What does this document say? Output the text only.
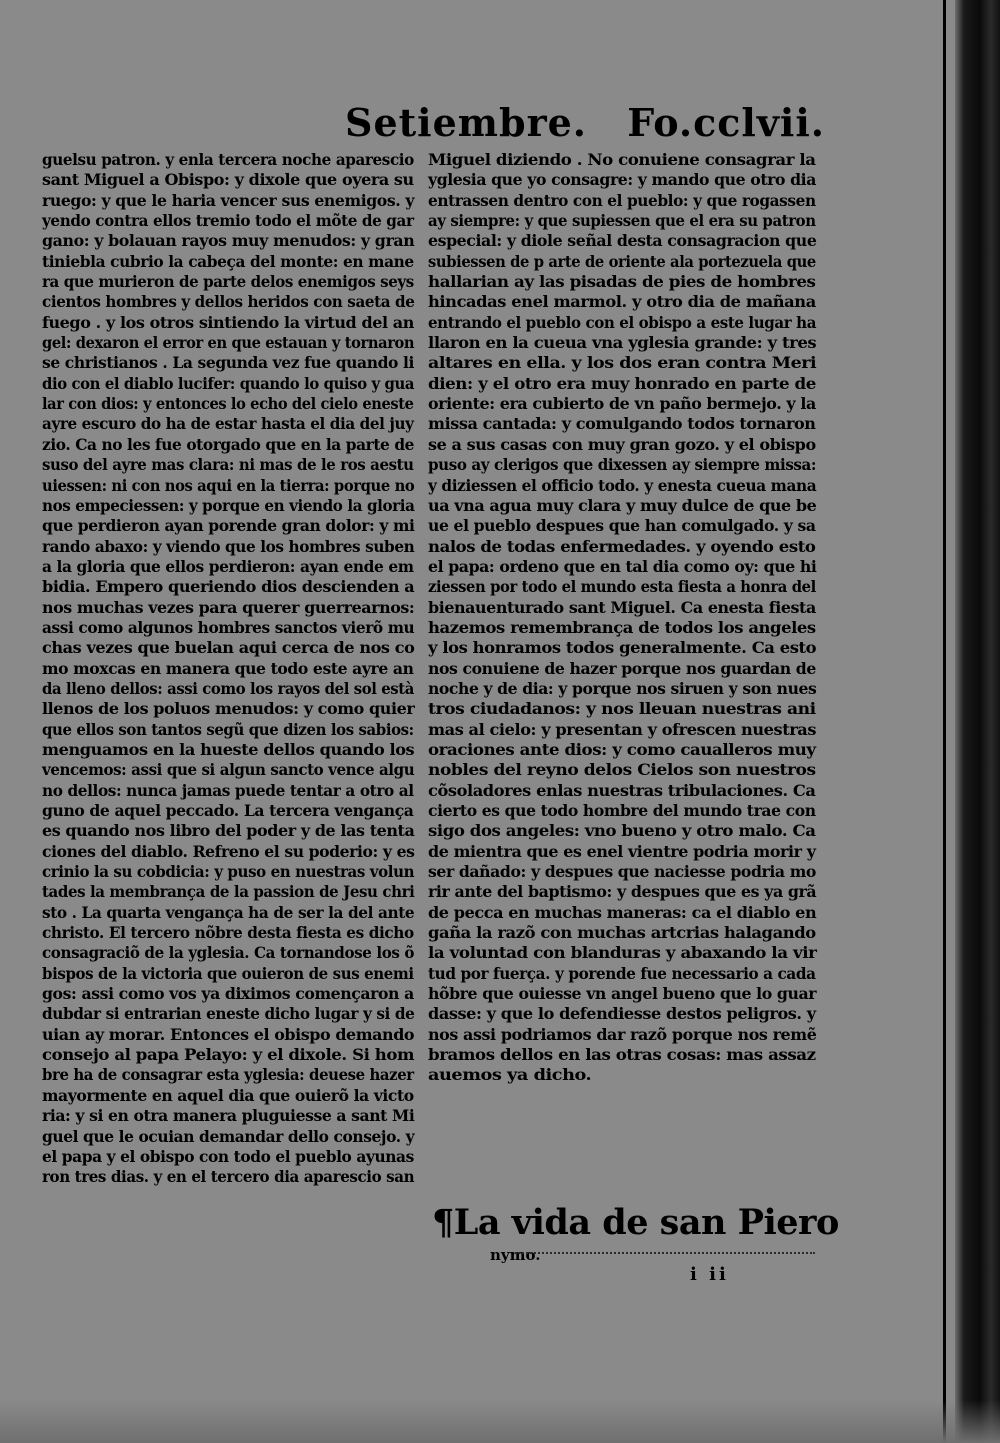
Setiembre. Fo.cclvii.
guelsu patron. y enla tercera noche aparescio
sant Miguel a Obispo: y dixole que oyera su
ruego: y que le haria vencer sus enemigos. y
yendo contra ellos tremio todo el mõte de gar
gano: y bolauan rayos muy menudos: y gran
tiniebla cubrio la cabeça del monte: en mane
ra que murieron de parte delos enemigos seys
cientos hombres y dellos heridos con saeta de
fuego . y los otros sintiendo la virtud del an
gel: dexaron el error en que estauan y tornaron
se christianos . La segunda vez fue quando li
dio con el diablo lucifer: quando lo quiso y gua
lar con dios: y entonces lo echo del cielo eneste
ayre escuro do ha de estar hasta el dia del juy
zio. Ca no les fue otorgado que en la parte de
suso del ayre mas clara: ni mas de le ros aestu
uiessen: ni con nos aqui en la tierra: porque no
nos empeciessen: y porque en viendo la gloria
que perdieron ayan porende gran dolor: y mi
rando abaxo: y viendo que los hombres suben
a la gloria que ellos perdieron: ayan ende em
bidia. Empero queriendo dios descienden a
nos muchas vezes para querer guerrearnos:
assi como algunos hombres sanctos vierõ mu
chas vezes que buelan aqui cerca de nos co
mo moxcas en manera que todo este ayre an
da lleno dellos: assi como los rayos del sol està
llenos de los poluos menudos: y como quier
que ellos son tantos segũ que dizen los sabios:
menguamos en la hueste dellos quando los
vencemos: assi que si algun sancto vence algu
no dellos: nunca jamas puede tentar a otro al
guno de aquel peccado. La tercera vengança
es quando nos libro del poder y de las tenta
ciones del diablo. Refreno el su poderio: y es
crinio la su cobdicia: y puso en nuestras volun
tades la membrança de la passion de Jesu chri
sto . La quarta vengança ha de ser la del ante
christo. El tercero nõbre desta fiesta es dicho
consagraciõ de la yglesia. Ca tornandose los õ
bispos de la victoria que ouieron de sus enemi
gos: assi como vos ya diximos començaron a
dubdar si entrarian eneste dicho lugar y si de
uian ay morar. Entonces el obispo demando
consejo al papa Pelayo: y el dixole. Si hom
bre ha de consagrar esta yglesia: deuese hazer
mayormente en aquel dia que ouierõ la victo
ria: y si en otra manera pluguiesse a sant Mi
guel que le ocuian demandar dello consejo. y
el papa y el obispo con todo el pueblo ayunas
ron tres dias. y en el tercero dia aparescio san
Miguel diziendo . No conuiene consagrar la
yglesia que yo consagre: y mando que otro dia
entrassen dentro con el pueblo: y que rogassen
ay siempre: y que supiessen que el era su patron
especial: y diole señal desta consagracion que
subiessen de p arte de oriente ala portezuela que
hallarian ay las pisadas de pies de hombres
hincadas enel marmol. y otro dia de mañana
entrando el pueblo con el obispo a este lugar ha
llaron en la cueua vna yglesia grande: y tres
altares en ella. y los dos eran contra Meri
dien: y el otro era muy honrado en parte de
oriente: era cubierto de vn paño bermejo. y la
missa cantada: y comulgando todos tornaron
se a sus casas con muy gran gozo. y el obispo
puso ay clerigos que dixessen ay siempre missa:
y diziessen el officio todo. y enesta cueua mana
ua vna agua muy clara y muy dulce de que be
ue el pueblo despues que han comulgado. y sa
nalos de todas enfermedades. y oyendo esto
el papa: ordeno que en tal dia como oy: que hi
ziessen por todo el mundo esta fiesta a honra del
bienauenturado sant Miguel. Ca enesta fiesta
hazemos remembrança de todos los angeles
y los honramos todos generalmente. Ca esto
nos conuiene de hazer porque nos guardan de
noche y de dia: y porque nos siruen y son nues
tros ciudadanos: y nos lleuan nuestras ani
mas al cielo: y presentan y ofrescen nuestras
oraciones ante dios: y como caualleros muy
nobles del reyno delos Cielos son nuestros
cõsoladores enlas nuestras tribulaciones. Ca
cierto es que todo hombre del mundo trae con
sigo dos angeles: vno bueno y otro malo. Ca
de mientra que es enel vientre podria morir y
ser dañado: y despues que naciesse podria mo
rir ante del baptismo: y despues que es ya grã
de pecca en muchas maneras: ca el diablo en
gaña la razõ con muchas artcrias halagando
la voluntad con blanduras y abaxando la vir
tud por fuerça. y porende fue necessario a cada
hõbre que ouiesse vn angel bueno que lo guar
dasse: y que lo defendiesse destos peligros. y
nos assi podriamos dar razõ porque nos remẽ
bramos dellos en las otras cosas: mas assaz
auemos ya dicho.
¶La vida de san Piero
nymo.
i ii
